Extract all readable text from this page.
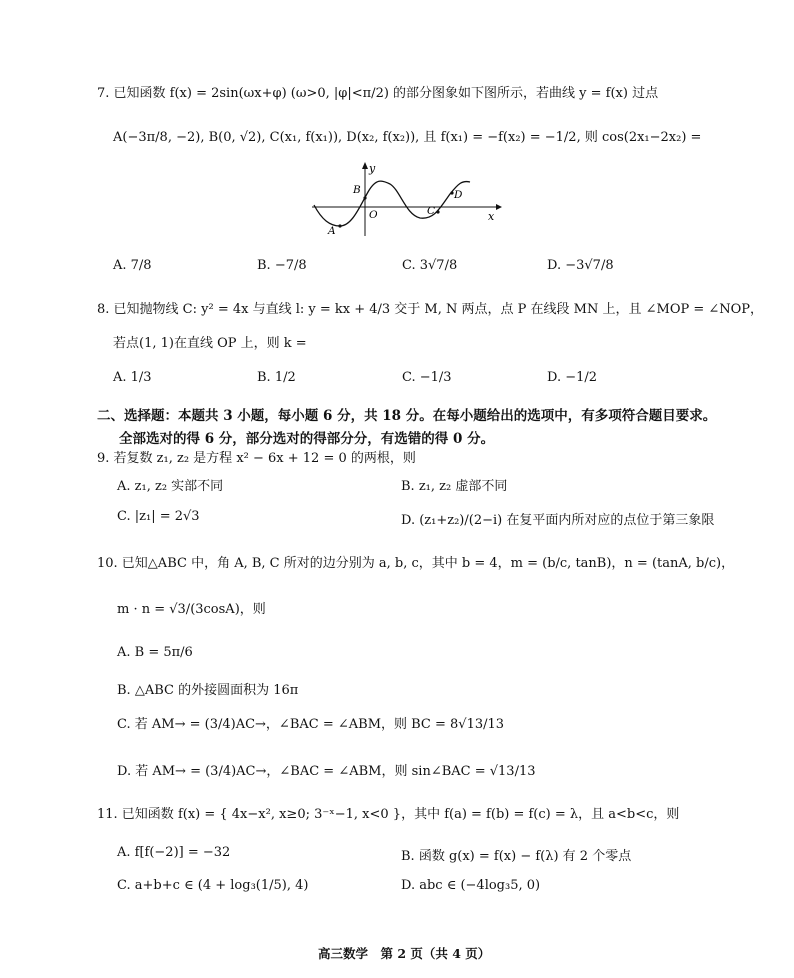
7. 已知函数 f(x) = 2sin(ωx+φ) (ω>0, |φ|<π/2) 的部分图象如下图所示，若曲线 y = f(x) 过点
A(−3π/8, −2), B(0, √2), C(x₁, f(x₁)), D(x₂, f(x₂)), 且 f(x₁) = −f(x₂) = −1/2, 则 cos(2x₁−2x₂) =
y
x
O
A
B
C
D
A. 7/8	B. −7/8	C. 3√7/8	D. −3√7/8
8. 已知抛物线 C: y² = 4x 与直线 l: y = kx + 4/3 交于 M, N 两点，点 P 在线段 MN 上，且 ∠MOP = ∠NOP，
若点(1, 1)在直线 OP 上，则 k =
A. 1/3	B. 1/2	C. −1/3	D. −1/2
二、选择题：本题共 3 小题，每小题 6 分，共 18 分。在每小题给出的选项中，有多项符合题目要求。
全部选对的得 6 分，部分选对的得部分分，有选错的得 0 分。
9. 若复数 z₁, z₂ 是方程 x² − 6x + 12 = 0 的两根，则
A. z₁, z₂ 实部不同	B. z₁, z₂ 虚部不同
C. |z₁| = 2√3	D. (z₁+z₂)/(2−i) 在复平面内所对应的点位于第三象限
10. 已知△ABC 中，角 A, B, C 所对的边分别为 a, b, c，其中 b = 4，m = (b/c, tanB)，n = (tanA, b/c)，
m · n = √3/(3cosA)，则
A. B = 5π/6
B. △ABC 的外接圆面积为 16π
C. 若 AM→ = (3/4)AC→，∠BAC = ∠ABM，则 BC = 8√13/13
D. 若 AM→ = (3/4)AC→，∠BAC = ∠ABM，则 sin∠BAC = √13/13
11. 已知函数 f(x) = { 4x−x², x≥0; 3⁻ˣ−1, x<0 }，其中 f(a) = f(b) = f(c) = λ，且 a<b<c，则
A. f[f(−2)] = −32	B. 函数 g(x) = f(x) − f(λ) 有 2 个零点
C. a+b+c ∈ (4 + log₃(1/5), 4)	D. abc ∈ (−4log₃5, 0)
高三数学　第 2 页（共 4 页）
